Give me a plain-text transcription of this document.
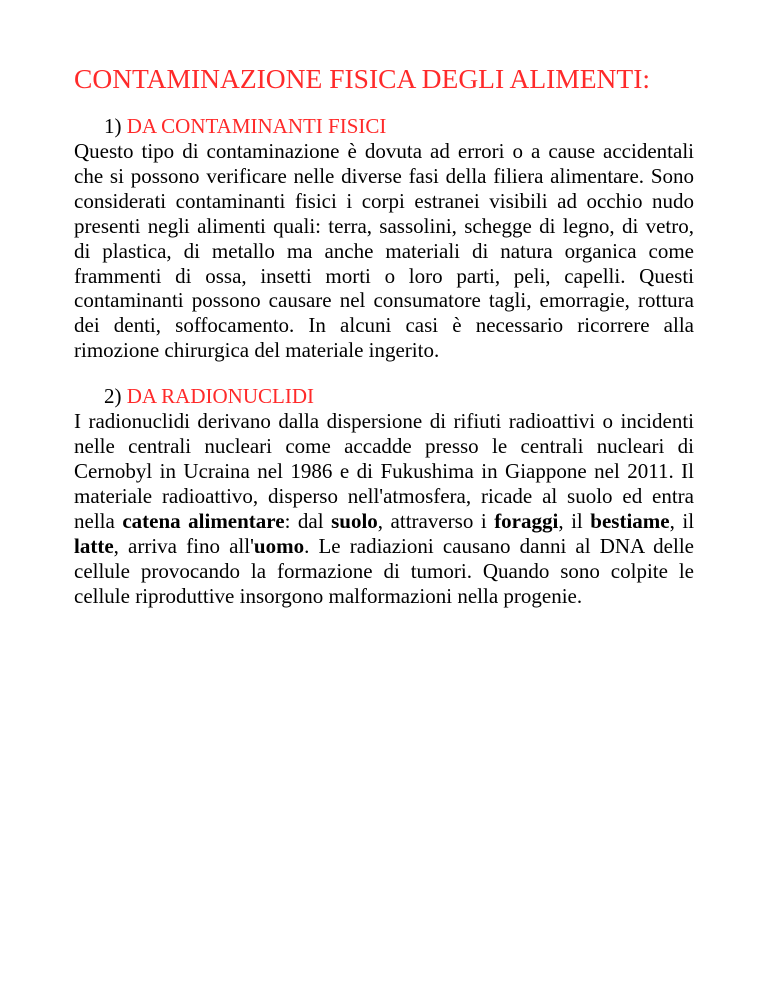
CONTAMINAZIONE FISICA DEGLI ALIMENTI:
1) DA CONTAMINANTI FISICI

Questo tipo di contaminazione è dovuta ad errori o a cause accidentali che si possono verificare nelle diverse fasi della filiera alimentare. Sono considerati contaminanti fisici i corpi estranei visibili ad occhio nudo presenti negli alimenti quali: terra, sassolini, schegge di legno, di vetro, di plastica, di metallo ma anche materiali di natura organica come frammenti di ossa, insetti morti o loro parti, peli, capelli. Questi contaminanti possono causare nel consumatore tagli, emorragie, rottura dei denti, soffocamento. In alcuni casi è necessario ricorrere alla rimozione chirurgica del materiale ingerito.

2) DA RADIONUCLIDI

I radionuclidi derivano dalla dispersione di rifiuti radioattivi o incidenti nelle centrali nucleari come accadde presso le centrali nucleari di Cernobyl in Ucraina nel 1986 e di Fukushima in Giappone nel 2011. Il materiale radioattivo, disperso nell'atmosfera, ricade al suolo ed entra nella catena alimentare: dal suolo, attraverso i foraggi, il bestiame, il latte, arriva fino all'uomo. Le radiazioni causano danni al DNA delle cellule provocando la formazione di tumori. Quando sono colpite le cellule riproduttive insorgono malformazioni nella progenie.
